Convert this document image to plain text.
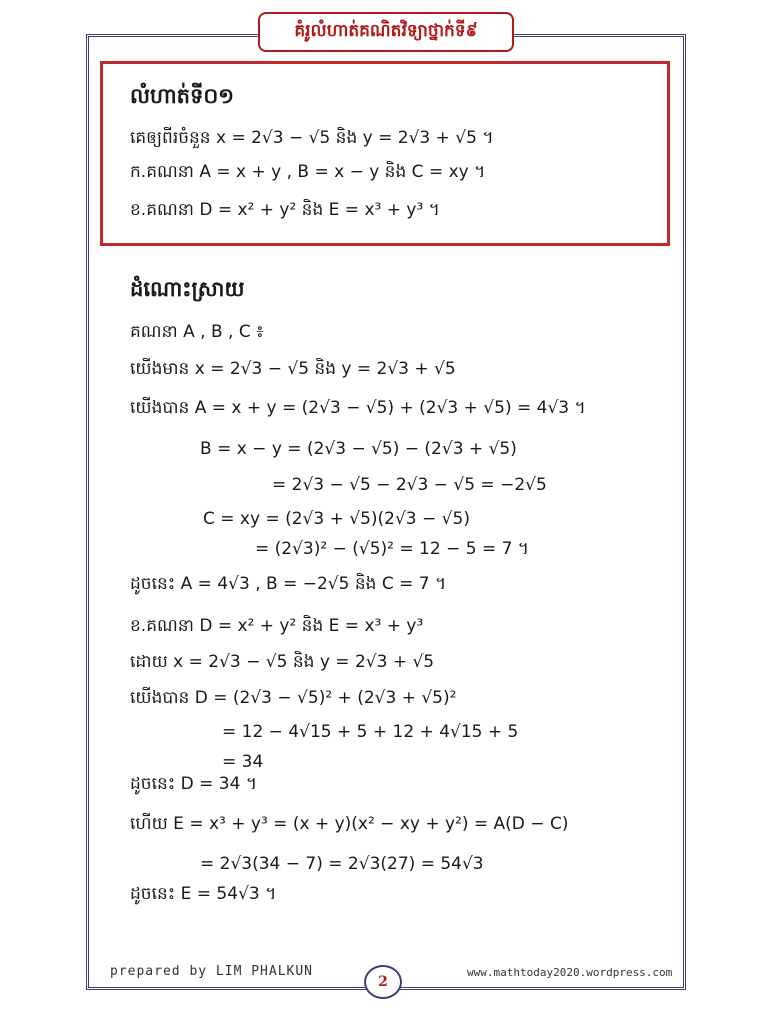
គំរូលំហាត់គណិតវិទ្យាថ្នាក់ទី៩
លំហាត់ទី០១
គេឲ្យពីរចំនួន x = 2√3 − √5 និង y = 2√3 + √5 ។
ក.គណនា A = x + y , B = x − y និង C = xy ។
ខ.គណនា D = x² + y² និង E = x³ + y³ ។
ដំណោះស្រាយ
គណនា A , B , C ៖
យើងមាន x = 2√3 − √5 និង y = 2√3 + √5
យើងបាន A = x + y = (2√3 − √5) + (2√3 + √5) = 4√3 ។
B = x − y = (2√3 − √5) − (2√3 + √5)
= 2√3 − √5 − 2√3 − √5 = −2√5
C = xy = (2√3 + √5)(2√3 − √5)
= (2√3)² − (√5)² = 12 − 5 = 7 ។
ដូចនេះ A = 4√3 , B = −2√5 និង C = 7 ។
ខ.គណនា D = x² + y² និង E = x³ + y³
ដោយ x = 2√3 − √5 និង y = 2√3 + √5
យើងបាន D = (2√3 − √5)² + (2√3 + √5)²
= 12 − 4√15 + 5 + 12 + 4√15 + 5
= 34
ដូចនេះ D = 34 ។
ហើយ E = x³ + y³ = (x + y)(x² − xy + y²) = A(D − C)
= 2√3(34 − 7) = 2√3(27) = 54√3
ដូចនេះ E = 54√3 ។
prepared by LIM PHALKUN
2
www.mathtoday2020.wordpress.com
